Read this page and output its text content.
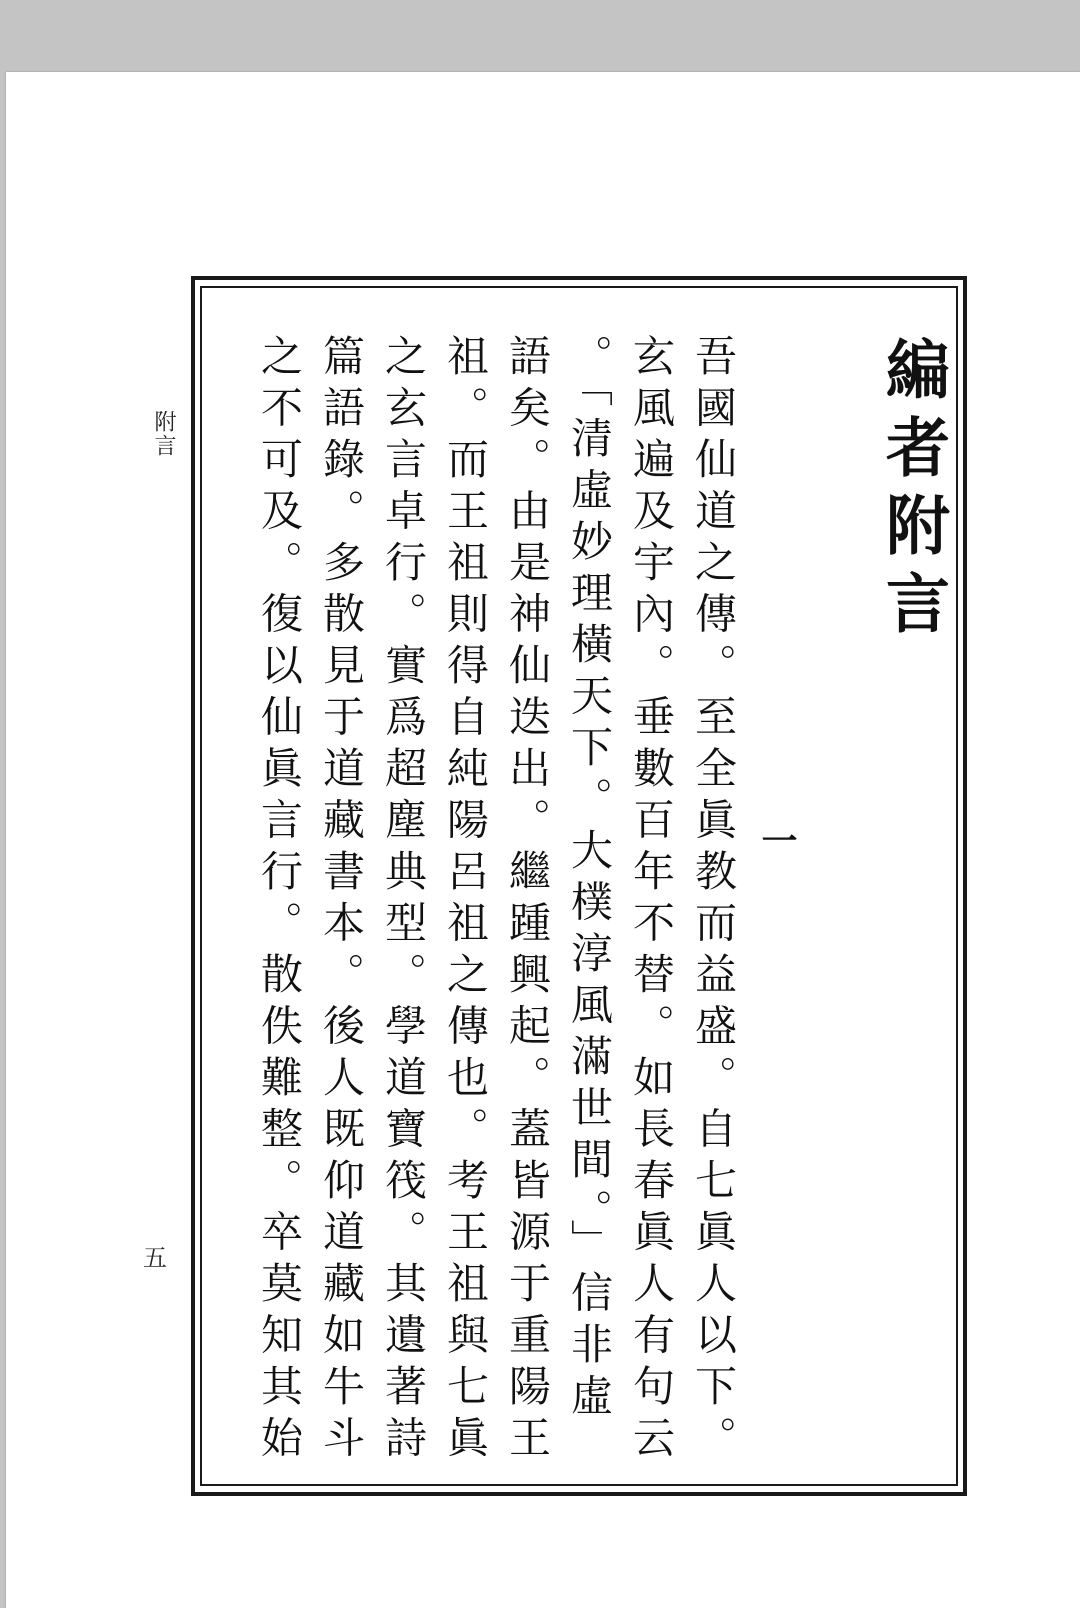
編者附言
一
吾國仙道之傳。至全眞教而益盛。自七眞人以下。
玄風遍及宇內。垂數百年不替。如長春眞人有句云
。「清虛妙理橫天下。大樸淳風滿世間。」信非虛
語矣。由是神仙迭出。繼踵興起。蓋皆源于重陽王
祖。而王祖則得自純陽呂祖之傳也。考王祖與七眞
之玄言卓行。實爲超塵典型。學道寶筏。其遺著詩
篇語錄。多散見于道藏書本。後人既仰道藏如牛斗
之不可及。復以仙眞言行。散佚難整。卒莫知其始
附言
五
